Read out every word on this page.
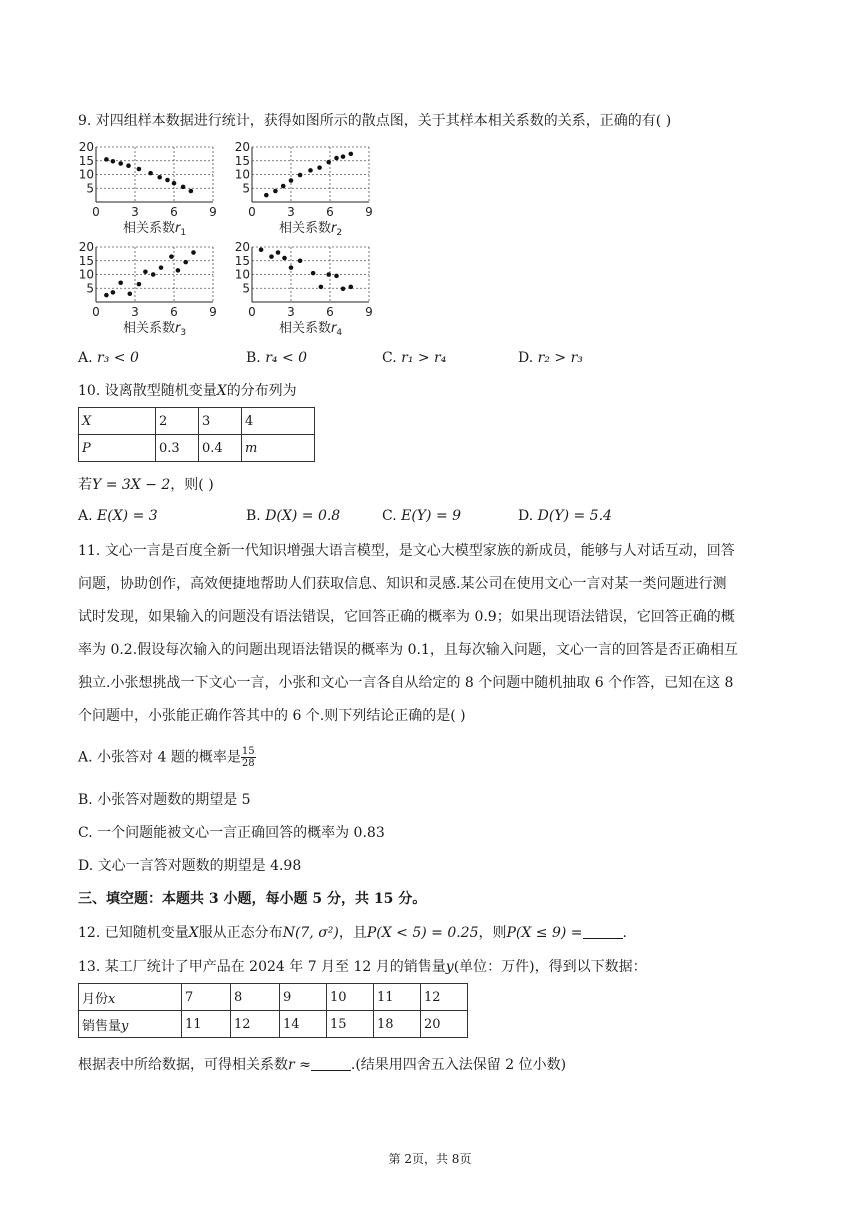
9. 对四组样本数据进行统计，获得如图所示的散点图，关于其样本相关系数的关系，正确的有( )
20
15
10
5
0	3	6	9
相关系数$r_1$
20
15
10
5
0	3	6	9
相关系数$r_2$
20
15
10
5
0	3	6	9
相关系数$r_3$
20
15
10
5
0	3	6	9
相关系数$r_4$
A. r₃ < 0	B. r₄ < 0	C. r₁ > r₄	D. r₂ > r₃
10. 设离散型随机变量X的分布列为
X	2	3	4
P	0.3	0.4	m
若Y = 3X − 2，则( )
A. E(X) = 3	B. D(X) = 0.8	C. E(Y) = 9	D. D(Y) = 5.4
11. 文心一言是百度全新一代知识增强大语言模型，是文心大模型家族的新成员，能够与人对话互动，回答
问题，协助创作，高效便捷地帮助人们获取信息、知识和灵感.某公司在使用文心一言对某一类问题进行测
试时发现，如果输入的问题没有语法错误，它回答正确的概率为 0.9；如果出现语法错误，它回答正确的概
率为 0.2.假设每次输入的问题出现语法错误的概率为 0.1，且每次输入问题，文心一言的回答是否正确相互
独立.小张想挑战一下文心一言，小张和文心一言各自从给定的 8 个问题中随机抽取 6 个作答，已知在这 8
个问题中，小张能正确作答其中的 6 个.则下列结论正确的是( )
A. 小张答对 4 题的概率是 $\frac{15}{28}$
B. 小张答对题数的期望是 5
C. 一个问题能被文心一言正确回答的概率为 0.83
D. 文心一言答对题数的期望是 4.98
三、填空题：本题共 3 小题，每小题 5 分，共 15 分。
12. 已知随机变量X服从正态分布N(7, σ²)，且P(X < 5) = 0.25，则P(X ≤ 9) =	.
13. 某工厂统计了甲产品在 2024 年 7 月至 12 月的销售量y(单位：万件)，得到以下数据：
月份x	7	8	9	10	11	12
销售量y	11	12	14	15	18	20
根据表中所给数据，可得相关系数r ≈	.(结果用四舍五入法保留 2 位小数)
第 2页，共 8页
